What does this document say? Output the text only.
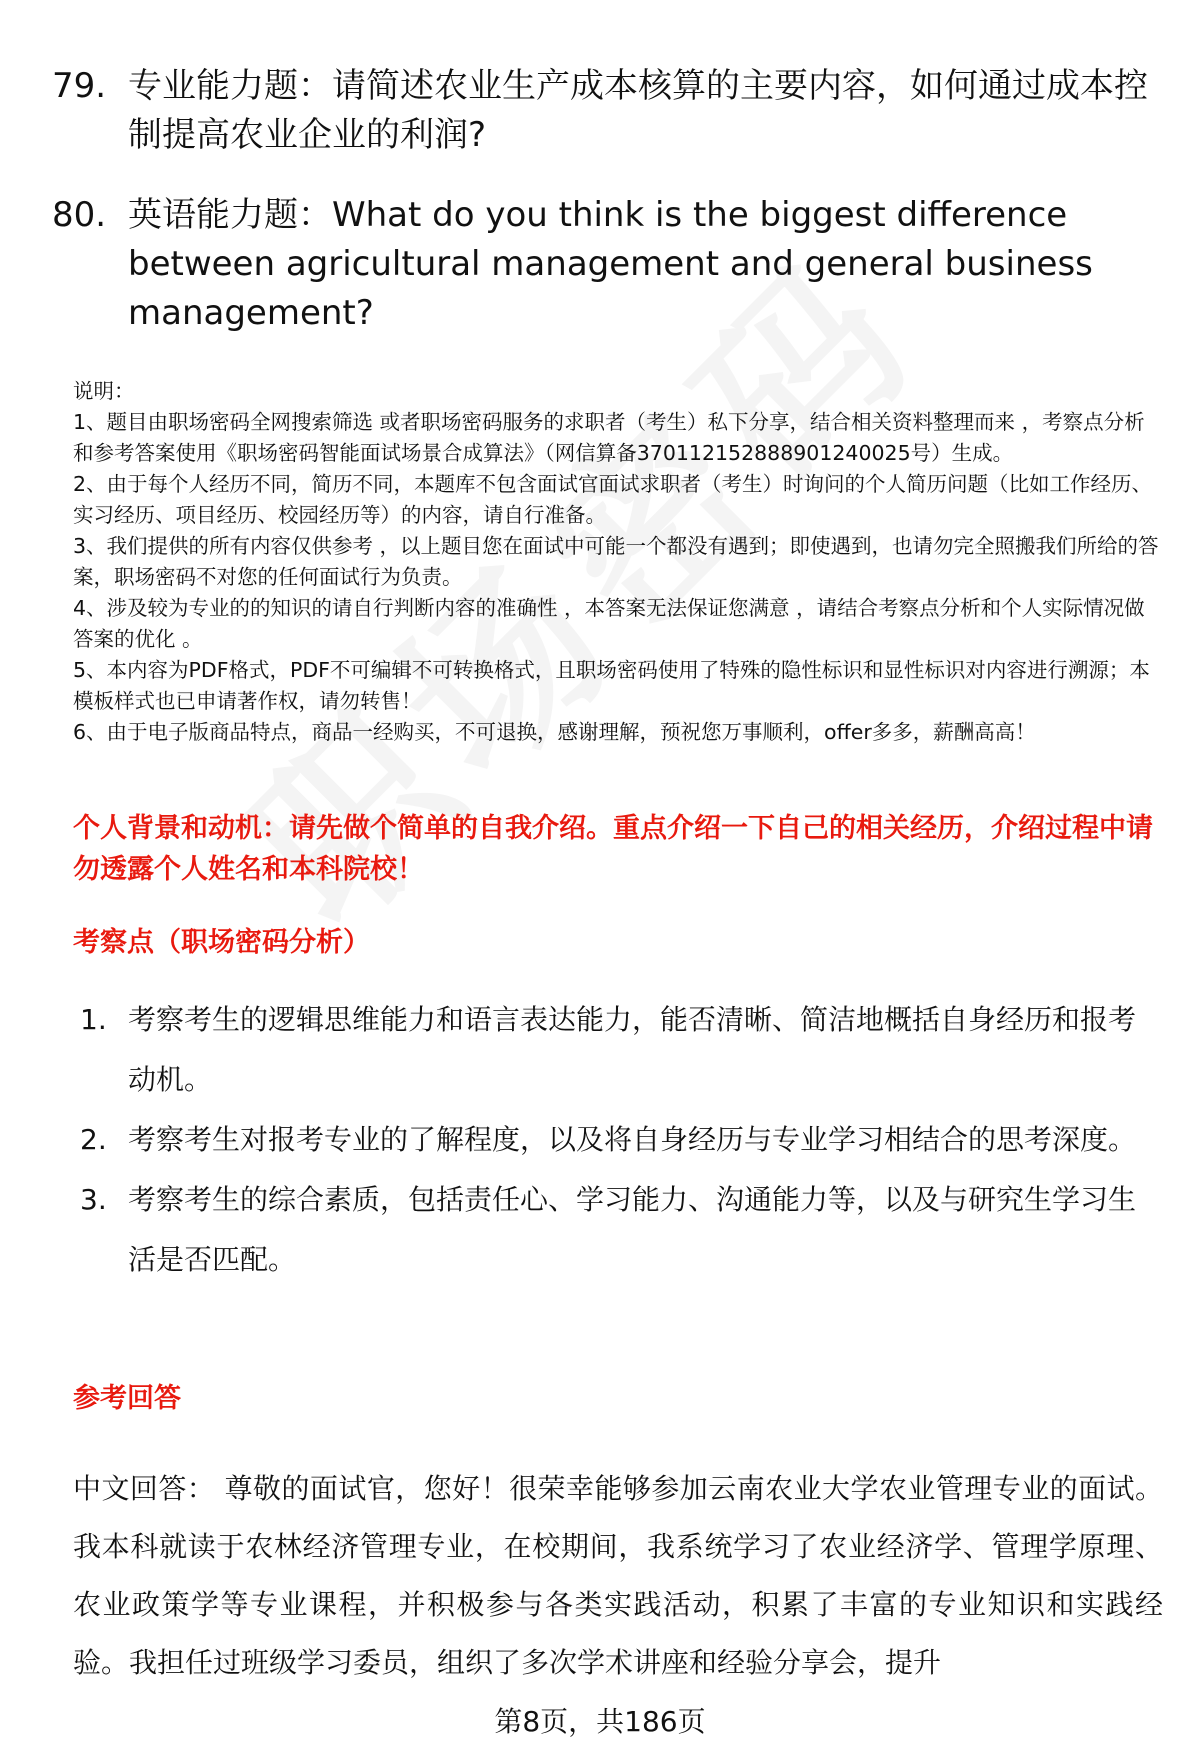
79. 专业能力题：请简述农业生产成本核算的主要内容，如何通过成本控制提高农业企业的利润?
80. 英语能力题：What do you think is the biggest difference between agricultural management and general business management?
说明：
1、题目由职场密码全网搜索筛选 或者职场密码服务的求职者（考生）私下分享，结合相关资料整理而来 ，考察点分析和参考答案使用《职场密码智能面试场景合成算法》（网信算备370112152888901240025号）生成。
2、由于每个人经历不同，简历不同，本题库不包含面试官面试求职者（考生）时询问的个人简历问题（比如工作经历、实习经历、项目经历、校园经历等）的内容，请自行准备。
3、我们提供的所有内容仅供参考 ，以上题目您在面试中可能一个都没有遇到；即使遇到，也请勿完全照搬我们所给的答案，职场密码不对您的任何面试行为负责。
4、涉及较为专业的的知识的请自行判断内容的准确性 ，本答案无法保证您满意 ，请结合考察点分析和个人实际情况做答案的优化 。
5、本内容为PDF格式，PDF不可编辑不可转换格式，且职场密码使用了特殊的隐性标识和显性标识对内容进行溯源；本模板样式也已申请著作权，请勿转售！
6、由于电子版商品特点，商品一经购买，不可退换，感谢理解，预祝您万事顺利，offer多多，薪酬高高！
个人背景和动机：请先做个简单的自我介绍。重点介绍一下自己的相关经历，介绍过程中请勿透露个人姓名和本科院校！
考察点（职场密码分析）
1. 考察考生的逻辑思维能力和语言表达能力，能否清晰、简洁地概括自身经历和报考动机。
2. 考察考生对报考专业的了解程度，以及将自身经历与专业学习相结合的思考深度。
3. 考察考生的综合素质，包括责任心、学习能力、沟通能力等，以及与研究生学习生活是否匹配。
参考回答
中文回答： 尊敬的面试官，您好！很荣幸能够参加云南农业大学农业管理专业的面试。我本科就读于农林经济管理专业，在校期间，我系统学习了农业经济学、管理学原理、农业政策学等专业课程，并积极参与各类实践活动，积累了丰富的专业知识和实践经验。我担任过班级学习委员，组织了多次学术讲座和经验分享会，提升
第8页，共186页
